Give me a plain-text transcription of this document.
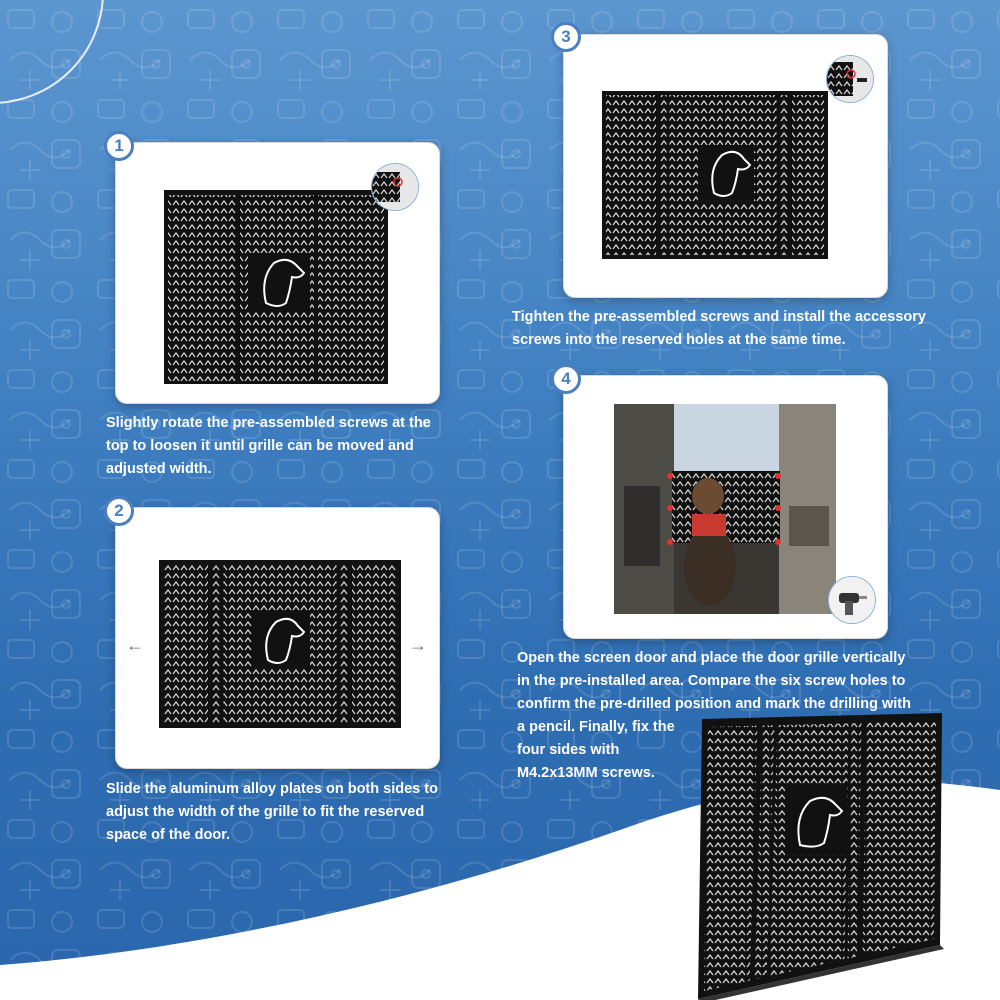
1
Slightly rotate the pre-assembled screws at the top to loosen it until grille can be moved and adjusted width.
←	→
2
Slide the aluminum alloy plates on both sides to adjust the width of the grille to fit the reserved space of the door.
3
Tighten the pre-assembled screws and install the accessory screws into the reserved holes at the same time.
4
Open the screen door and place the door grille vertically
in the pre-installed area. Compare the six screw holes to
confirm the pre-drilled position and mark the drilling with
a pencil. Finally, fix the
four sides with
M4.2x13MM screws.
